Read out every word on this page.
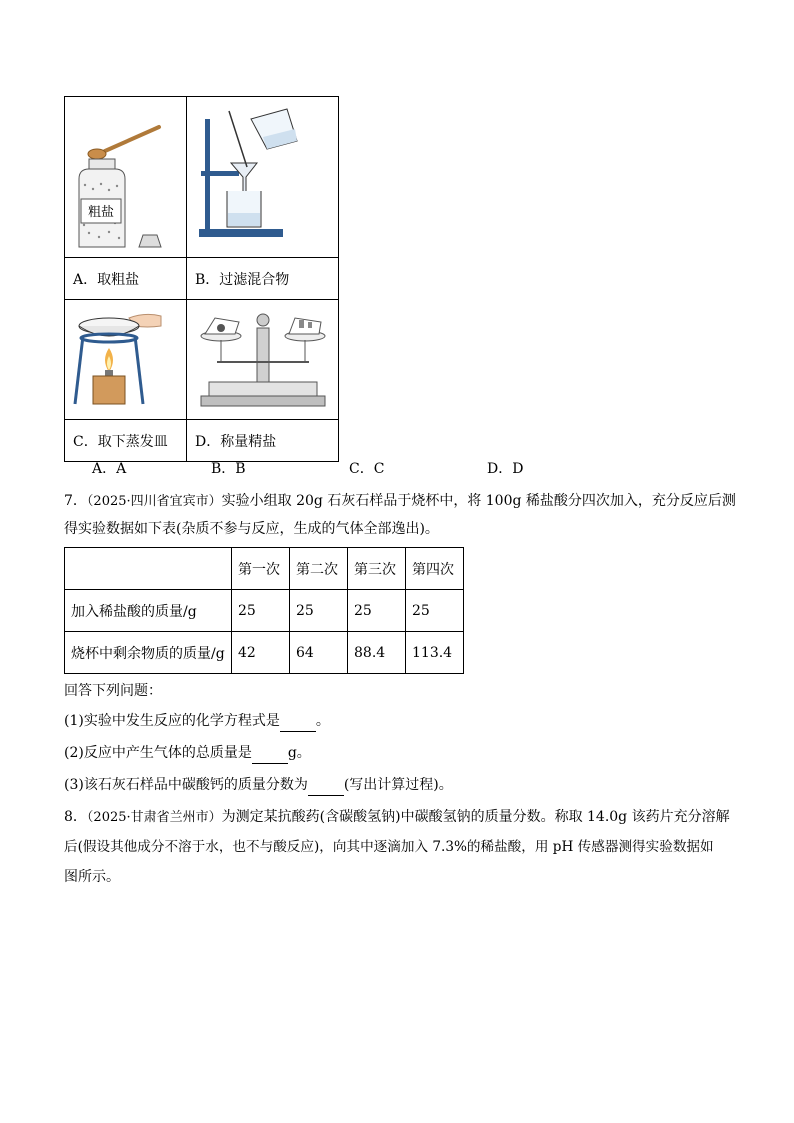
粗盐

A．取粗盐	B．过滤混合物

C．取下蒸发皿	D．称量精盐
A．A	B．B	C．C	D．D
7．（2025·四川省宜宾市）实验小组取 20g 石灰石样品于烧杯中，将 100g 稀盐酸分四次加入，充分反应后测
得实验数据如下表(杂质不参与反应，生成的气体全部逸出)。
	第一次	第二次	第三次	第四次
加入稀盐酸的质量/g	25	25	25	25
烧杯中剩余物质的质量/g	42	64	88.4	113.4
回答下列问题：
(1)实验中发生反应的化学方程式是	。
(2)反应中产生气体的总质量是	g。
(3)该石灰石样品中碳酸钙的质量分数为	(写出计算过程)。
8．（2025·甘肃省兰州市）为测定某抗酸药(含碳酸氢钠)中碳酸氢钠的质量分数。称取 14.0g 该药片充分溶解
后(假设其他成分不溶于水，也不与酸反应)，向其中逐滴加入 7.3%的稀盐酸，用 pH 传感器测得实验数据如
图所示。
